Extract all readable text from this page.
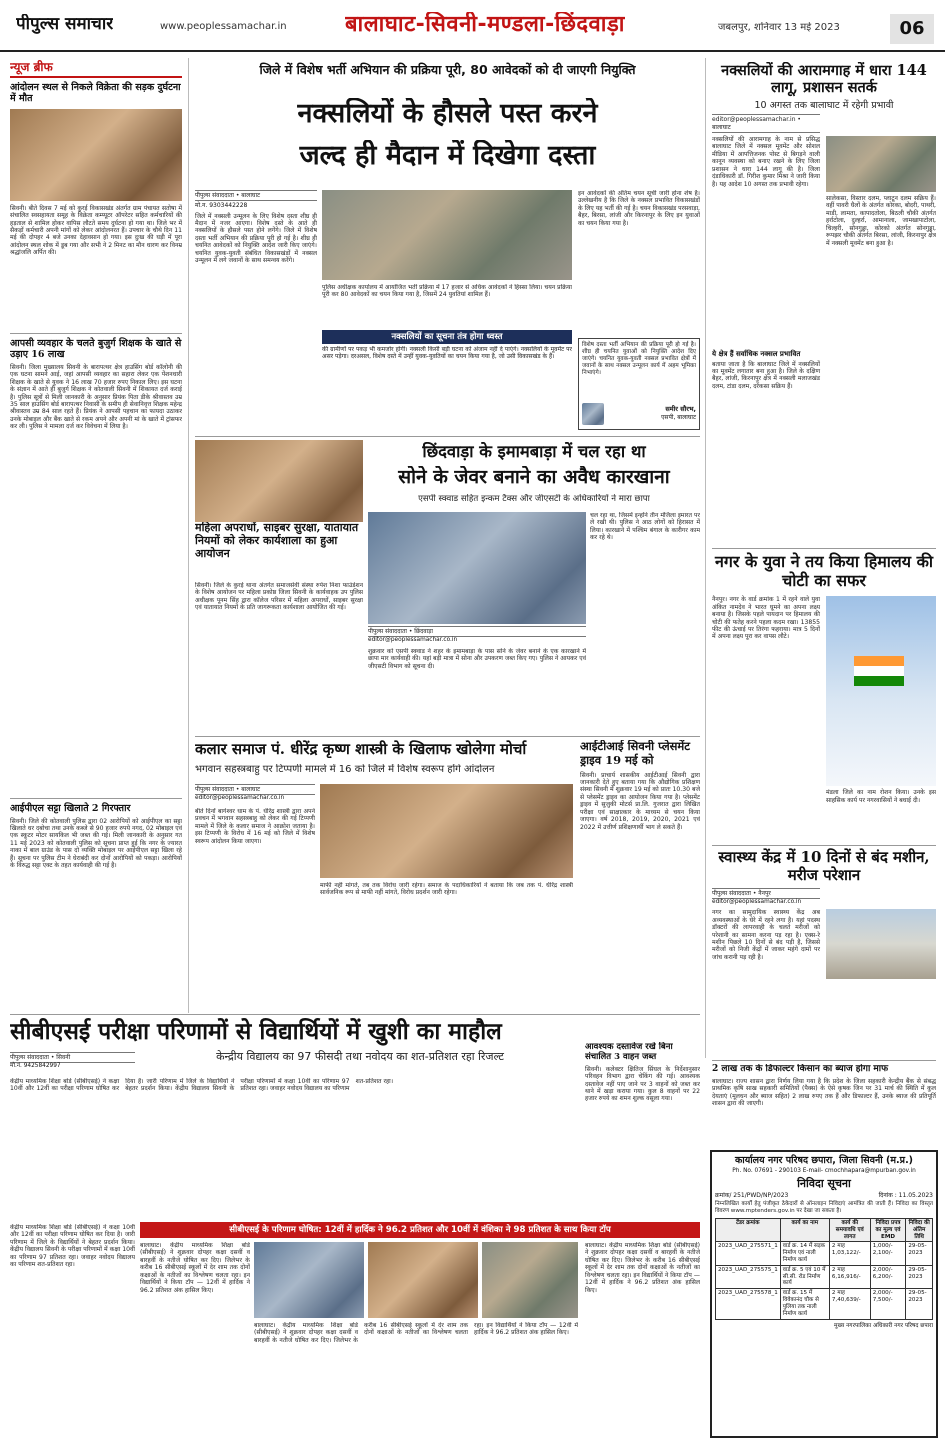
पीपुल्स समाचार	www.peoplessamachar.in	बालाघाट-सिवनी-मण्डला-छिंदवाड़ा	जबलपुर, शनिवार 13 मई 2023	06
न्यूज ब्रीफ
आंदोलन स्थल से निकले विक्रेता की सड़क दुर्घटना में मौत
सिवनी। बीते दिवस 7 मई को कुरई विकासखंड अंतर्गत ग्राम पंचायत सतोषा में संचालित स्वसहायता समूह के विक्रेता कम्प्यूटर ऑपरेटर सहित कर्मचारियों की हड़ताल से शामिल होकर वापिस लौटते समय दुर्घटना हो गया था। जिले भर में सैकड़ों कर्मचारी अपनी मांगों को लेकर आंदोलनरत हैं। उपचार के चौथे दिन 11 मई की दोपहर 4 बजे उनका देहावसान हो गया। इस दुःख की घड़ी में पूरा आंदोलन स्थल शोक में डूब गया और सभी ने 2 मिनट का मौन धारण कर विनम्र श्रद्धांजलि अर्पित की।
आपसी व्यवहार के चलते बुजुर्ग शिक्षक के खाते से उड़ाए 16 लाख
सिवनी। जिला मुख्यालय सिवनी के बारापत्थर क्षेत्र हाउसिंग बोर्ड कॉलोनी की एक घटना सामने आई, जहां आपसी व्यवहार का सहारा लेकर एक पेंशनधारी शिक्षक के खाते से युवक ने 16 लाख 70 हजार रुपए निकाल लिए। इस घटना के संज्ञान में आते ही बुजुर्ग शिक्षक ने कोतवाली सिवनी में शिकायत दर्ज कराई है। पुलिस सूत्रों से मिली जानकारी के अनुसार प्रियंक पिता डीके श्रीवास्तव उम्र 35 साल हाउसिंग बोर्ड बारापत्थर निवासी के समीप ही सेवानिवृत्त शिक्षक महेन्द्र श्रीवास्तव उम्र 84 साल रहते हैं। प्रियंक ने आपसी पहचान का फायदा उठाकर उनके मोबाइल और बैंक खाते से रकम अपने और अपनी मां के खाते में ट्रांसफर कर ली। पुलिस ने मामला दर्ज कर विवेचना में लिया है।
आईपीएल सट्टा खिलाते 2 गिरफ्तार
सिवनी। जिले की कोतवाली पुलिस द्वारा 02 आरोपियों को आईपीएल का सट्टा खिलाते धर दबोचा तथा उनके कब्जे से 90 हजार रुपये नगद, 02 मोबाइल एवं एक स्कूटर मोटर सायकिल भी जब्त की गई। मिली जानकारी के अनुसार गत 11 मई 2023 को कोतवाली पुलिस को सूचना प्राप्त हुई कि नगर के ज्यारत नाका में बाल ग्राउंड के पास दो व्यक्ति मोबाइल पर आईपीएल सट्टा खिला रहे हैं। सूचना पर पुलिस टीम ने घेराबंदी कर दोनों आरोपियों को पकड़ा। आरोपियों के विरुद्ध सट्टा एक्ट के तहत कार्यवाही की गई है।
जिले में विशेष भर्ती अभियान की प्रक्रिया पूरी, 80 आवेदकों को दी जाएगी नियुक्ति
नक्सलियों के हौसले पस्त करने
जल्द ही मैदान में दिखेगा दस्ता
पीपुल्स संवाददाता • बालाघाट
मो.न. 9303442228
जिले में नक्सली उन्मूलन के लिए विशेष दस्ता शीघ्र ही मैदान में नजर आएगा। विशेष दस्ते के आते ही नक्सलियों के हौसले पस्त होने लगेंगे। जिले में विशेष दस्ता भर्ती अभियान की प्रक्रिया पूरी हो गई है। शीघ्र ही चयनित आवेदकों को नियुक्ति आदेश जारी किए जाएंगे। चयनित युवक-युवती संबंधित विकासखंडों में नक्सल उन्मूलन में लगे जवानों के साथ समन्वय करेंगे।
इन आवेदकों की अंतिम चयन सूची जारी होना शेष है। उल्लेखनीय है कि जिले के नक्सल प्रभावित विकासखंडों के लिए यह भर्ती की गई है। चयन विकासखंड परसवाड़ा, बैहर, बिरसा, लांजी और किरनापुर के लिए इन युवाओं का चयन किया गया है।
पुलिस अधीक्षक कार्यालय में आयोजित भर्ती प्रक्रिया में 17 हजार से अधिक आवेदकों ने हिस्सा लिया। चयन प्रक्रिया पूरी कर 80 आवेदकों का चयन किया गया है, जिसमें 24 युवतियां शामिल हैं।
नक्सलियों का सूचना तंत्र होगा ध्वस्त
की ग्रामीणों पर पकड़ भी कमजोर होगी। नक्सली किसी बड़ी घटना को अंजाम नहीं दे पाएंगे। नक्सलियों के मूवमेंट पर असर पड़ेगा। दरअसल, विशेष दस्ते में उन्हीं युवक-युवतियों का चयन किया गया है, जो उसी विकासखंड के हैं।
विशेष दस्ता भर्ती अभियान की प्रक्रिया पूरी हो गई है। शीघ्र ही चयनित युवाओं को नियुक्ति आदेश दिए जाएंगे। चयनित युवक-युवती नक्सल प्रभावित क्षेत्रों में जवानों के साथ नक्सल उन्मूलन कार्य में अहम भूमिका निभाएंगे।
समीर सौरभ,
एसपी, बालाघाट
नक्सलियों की आरामगाह में धारा 144 लागू, प्रशासन सतर्क
10 अगस्त तक बालाघाट में रहेगी प्रभावी
editor@peoplessamachar.in • बालाघाट
नक्सलियों की आरामगाह के नाम से प्रसिद्ध बालाघाट जिले में नक्सल मूवमेंट और सोशल मीडिया में आपत्तिजनक पोस्ट से बिगड़ने वाली कानून व्यवस्था को बनाए रखने के लिए जिला प्रशासन ने धारा 144 लागू की है। जिला दंडाधिकारी डॉ. गिरीश कुमार मिश्रा ने जारी किया है। यह आदेश 10 अगस्त तक प्रभावी रहेगा।
सालेकसा, विस्तार दलम, प्लाटून दलम सक्रिय हैं। वहीं पावरी घैलों के अंतर्गत कोरका, बोदरी, पाथरी, माडी, लामता, कापादतोला, बिठली चौकी अंतर्गत हर्राटोला, दुल्हर्रा, आमानाला, जामखापाटोला, चिल्हरी, सोनगुड्डा, कोरको अंतर्गत सोनगुड्डा, रूपझर चौकी अंतर्गत बिरसा, लांजी, किरनापुर क्षेत्र में नक्सली मूवमेंट बना हुआ है।
ये क्षेत्र हैं सर्वाधिक नक्सल प्रभावित
बताया जाता है कि बालाघाट जिले में नक्सलियों का मूवमेंट लगातार बना हुआ है। जिले के दक्षिण बैहर, लांजी, किरनापुर क्षेत्र में नक्सली मलाजखंड दलम, टांडा दलम, दर्रेकसा सक्रिय हैं।
महिला अपराधों, साइबर सुरक्षा, यातायात नियमों को लेकर कार्यशाला का हुआ आयोजन
सिवनी। जिले के कुरई थाना अंतर्गत समाजसेवी संस्था रुपेश निशा फाउंडेशन के विशेष आयोजन पर महिला प्रकोष्ठ जिला सिवनी के कार्यवाहक उप पुलिस अधीक्षक पूनम सिंह द्वारा कॉलेज परिसर में महिला अपराधों, साइबर सुरक्षा एवं यातायात नियमों के प्रति जागरूकता कार्यशाला आयोजित की गई।
छिंदवाड़ा के इमामबाड़ा में चल रहा था
सोने के जेवर बनाने का अवैध कारखाना
एसपी स्क्वाड सहित इन्कम टैक्स और जीएसटी के अधिकारियों ने मारा छापा
चल रहा था, जिसमें इन्होंने तीन मंजिला इमारत पर ले रखी थी। पुलिस ने आठ लोगों को हिरासत में लिया। कारखाने में पश्चिम बंगाल के कारीगर काम कर रहे थे।
पीपुल्स संवाददाता • छिंदवाड़ा
editor@peoplessamachar.co.in
शुक्रवार को एसपी स्क्वाड ने शहर के इमामबाड़ा के पास सोने के जेवर बनाने के एक कारखाने में छापा मार कार्यवाही की। यहां बड़ी मात्रा में सोना और उपकरण जब्त किए गए। पुलिस ने आयकर एवं जीएसटी विभाग को सूचना दी।
कलार समाज पं. धीरेंद्र कृष्ण शास्त्री के खिलाफ खोलेगा मोर्चा
भगवान सहस्त्रबाहु पर टिप्पणी मामले में 16 को जिले में विशेष स्वरूप होंगे आंदोलन
पीपुल्स संवाददाता • बालाघाट
editor@peoplessamachar.co.in
बीते दिनों बागेश्वर धाम के पं. धीरेंद्र शास्त्री द्वारा अपने प्रवचन में भगवान सहस्त्रबाहु को लेकर की गई टिप्पणी मामले में जिले के कलार समाज ने आक्रोश जताया है। इस टिप्पणी के विरोध में 16 मई को जिले में विशेष स्वरूप आंदोलन किया जाएगा।
माफी नहीं मांगते, तब तक विरोध जारी रहेगा। समाज के पदाधिकारियों ने बताया कि जब तक पं. धीरेंद्र शास्त्री सार्वजनिक रूप से माफी नहीं मांगते, विरोध प्रदर्शन जारी रहेगा।
आईटीआई सिवनी प्लेसमेंट ड्राइव 19 मई को
सिवनी। प्राचार्य शासकीय आईटीआई सिवनी द्वारा जानकारी देते हुए बताया गया कि औद्योगिक प्रशिक्षण संस्था सिवनी में शुक्रवार 19 मई को प्रातः 10.30 बजे से प्लेसमेंट ड्राइव का आयोजन किया गया है। प्लेसमेंट ड्राइव में सुजुकी मोटर्स प्रा.लि. गुजरात द्वारा लिखित परीक्षा एवं साक्षात्कार के माध्यम से चयन किया जाएगा। वर्ष 2018, 2019, 2020, 2021 एवं 2022 में उत्तीर्ण प्रशिक्षणार्थी भाग ले सकते हैं।
नगर के युवा ने तय किया हिमालय की चोटी का सफर
नैनपुर। नगर के वार्ड क्रमांक 1 में रहने वाले युवा अंकित नामदेव ने भारत घूमने का अपना लक्ष्य बनाया है। जिसके पहले पायदान पर हिमालय की चोटी की फतेह करने पहला कदम रखा। 13855 फीट की ऊंचाई पर तिरंगा फहराया। मात्र 5 दिनों में अपना लक्ष्य पूरा कर वापस लौटे।
मंडला जिले का नाम रोशन किया। उनके इस साहसिक कार्य पर नगरवासियों ने बधाई दी।
स्वास्थ्य केंद्र में 10 दिनों से बंद मशीन, मरीज परेशान
पीपुल्स संवाददाता • नैनपुर
editor@peoplessamachar.co.in
नगर का सामुदायिक स्वास्थ्य केंद्र अब अव्यवस्थाओं के घेरे में रहने लगा है। यहां पदस्थ डॉक्टरों की लापरवाही के चलते मरीजों को परेशानी का सामना करना पड़ रहा है। एक्स-रे मशीन पिछले 10 दिनों से बंद पड़ी है, जिससे मरीजों को निजी केंद्रों में जाकर महंगे दामों पर जांच करानी पड़ रही है।
2 लाख तक के डिफाल्टर किसान का ब्याज होगा माफ
बालाघाट। राज्य शासन द्वारा निर्णय लिया गया है कि प्रदेश के जिला सहकारी केन्द्रीय बैंक से संबद्ध प्राथमिक कृषि साख सहकारी समितियों (पैक्स) के ऐसे कृषक जिन पर 31 मार्च की स्थिति में कुल देयताएं (मूलधन और ब्याज सहित) 2 लाख रुपए तक हैं और डिफाल्टर हैं, उनके ब्याज की प्रतिपूर्ति शासन द्वारा की जाएगी।
सीबीएसई परीक्षा परिणामों से विद्यार्थियों में खुशी का माहौल
पीपुल्स संवाददाता • सिवनी
मो.नं. 9425842997
केन्द्रीय विद्यालय का 97 फीसदी तथा नवोदय का शत-प्रतिशत रहा रिजल्ट
केंद्रीय माध्यमिक शिक्षा बोर्ड (सीबीएसई) ने कक्षा 10वीं और 12वीं का परीक्षा परिणाम घोषित कर दिया है। जारी परिणाम में जिले के विद्यार्थियों ने बेहतर प्रदर्शन किया। केंद्रीय विद्यालय सिवनी के परीक्षा परिणामों में कक्षा 10वीं का परिणाम 97 प्रतिशत रहा। जवाहर नवोदय विद्यालय का परिणाम शत-प्रतिशत रहा।
सीबीएसई के परिणाम घोषित: 12वीं में हार्दिक ने 96.2 प्रतिशत और 10वीं में वंशिका ने 98 प्रतिशत के साथ किया टॉप
केंद्रीय माध्यमिक शिक्षा बोर्ड (सीबीएसई) ने कक्षा 10वीं और 12वीं का परीक्षा परिणाम घोषित कर दिया है। जारी परिणाम में जिले के विद्यार्थियों ने बेहतर प्रदर्शन किया। केंद्रीय विद्यालय सिवनी के परीक्षा परिणामों में कक्षा 10वीं का परिणाम 97 प्रतिशत रहा। जवाहर नवोदय विद्यालय का परिणाम शत-प्रतिशत रहा।
बालाघाट। केंद्रीय माध्यमिक शिक्षा बोर्ड (सीबीएसई) ने शुक्रवार दोपहर कक्षा दसवीं व बारहवीं के नतीजे घोषित कर दिए। जिलेभर के करीब 16 सीबीएसई स्कूलों में देर शाम तक दोनों कक्षाओं के नतीजों का विश्लेषण चलता रहा। इन विद्यार्थियों ने किया टॉप — 12वीं में हार्दिक ने 96.2 प्रतिशत अंक हासिल किए।
बालाघाट। केंद्रीय माध्यमिक शिक्षा बोर्ड (सीबीएसई) ने शुक्रवार दोपहर कक्षा दसवीं व बारहवीं के नतीजे घोषित कर दिए। जिलेभर के करीब 16 सीबीएसई स्कूलों में देर शाम तक दोनों कक्षाओं के नतीजों का विश्लेषण चलता रहा। इन विद्यार्थियों ने किया टॉप — 12वीं में हार्दिक ने 96.2 प्रतिशत अंक हासिल किए।
आवश्यक दस्तावेज रखे बिना संचालित 3 वाहन जब्त
सिवनी। कलेक्टर क्षितिज सिंघल के निर्देशानुसार परिवहन विभाग द्वारा चेकिंग की गई। आवश्यक दस्तावेज नहीं पाए जाने पर 3 वाहनों को जब्त कर थाने में खड़ा कराया गया। कुल 8 वाहनों पर 22 हजार रुपये का शमन शुल्क वसूला गया।
बालाघाट। केंद्रीय माध्यमिक शिक्षा बोर्ड (सीबीएसई) ने शुक्रवार दोपहर कक्षा दसवीं व बारहवीं के नतीजे घोषित कर दिए। जिलेभर के करीब 16 सीबीएसई स्कूलों में देर शाम तक दोनों कक्षाओं के नतीजों का विश्लेषण चलता रहा। इन विद्यार्थियों ने किया टॉप — 12वीं में हार्दिक ने 96.2 प्रतिशत अंक हासिल किए।
कार्यालय नगर परिषद छपारा, जिला सिवनी (म.प्र.)
Ph. No. 07691 - 290103 E-mail- cmochhapara@mpurban.gov.in
निविदा सूचना
क्रमांक/ 251/PWD/NP/2023	दिनांक : 11.05.2023
निम्नलिखित कार्यों हेतु पंजीकृत ठेकेदारों से ऑनलाइन निविदाएं आमंत्रित की जाती हैं। निविदा का विस्तृत विवरण www.mptenders.gov.in पर देखा जा सकता है।
टेंडर क्रमांक	कार्य का नाम	कार्य की समयावधि एवं लागत	निविदा प्रपत्र का मूल्य एवं EMD	निविदा की अंतिम तिथि
2023_UAD_275571_1	वार्ड क्र. 14 में सड़क निर्माण एवं नाली निर्माण कार्य	2 माह 1,03,122/-	1,000/- 2,100/-	29-05-2023
2023_UAD_275575_1	वार्ड क्र. 5 एवं 10 में सी.सी. रोड निर्माण कार्य	2 माह 6,16,916/-	2,000/- 6,200/-	29-05-2023
2023_UAD_275578_1	वार्ड क्र. 15 में विवेकानंद चौक से पुलिया तक नाली निर्माण कार्य	2 माह 7,40,639/-	2,000/- 7,500/-	29-05-2023
मुख्य नगरपालिका अधिकारी नगर परिषद छपारा
